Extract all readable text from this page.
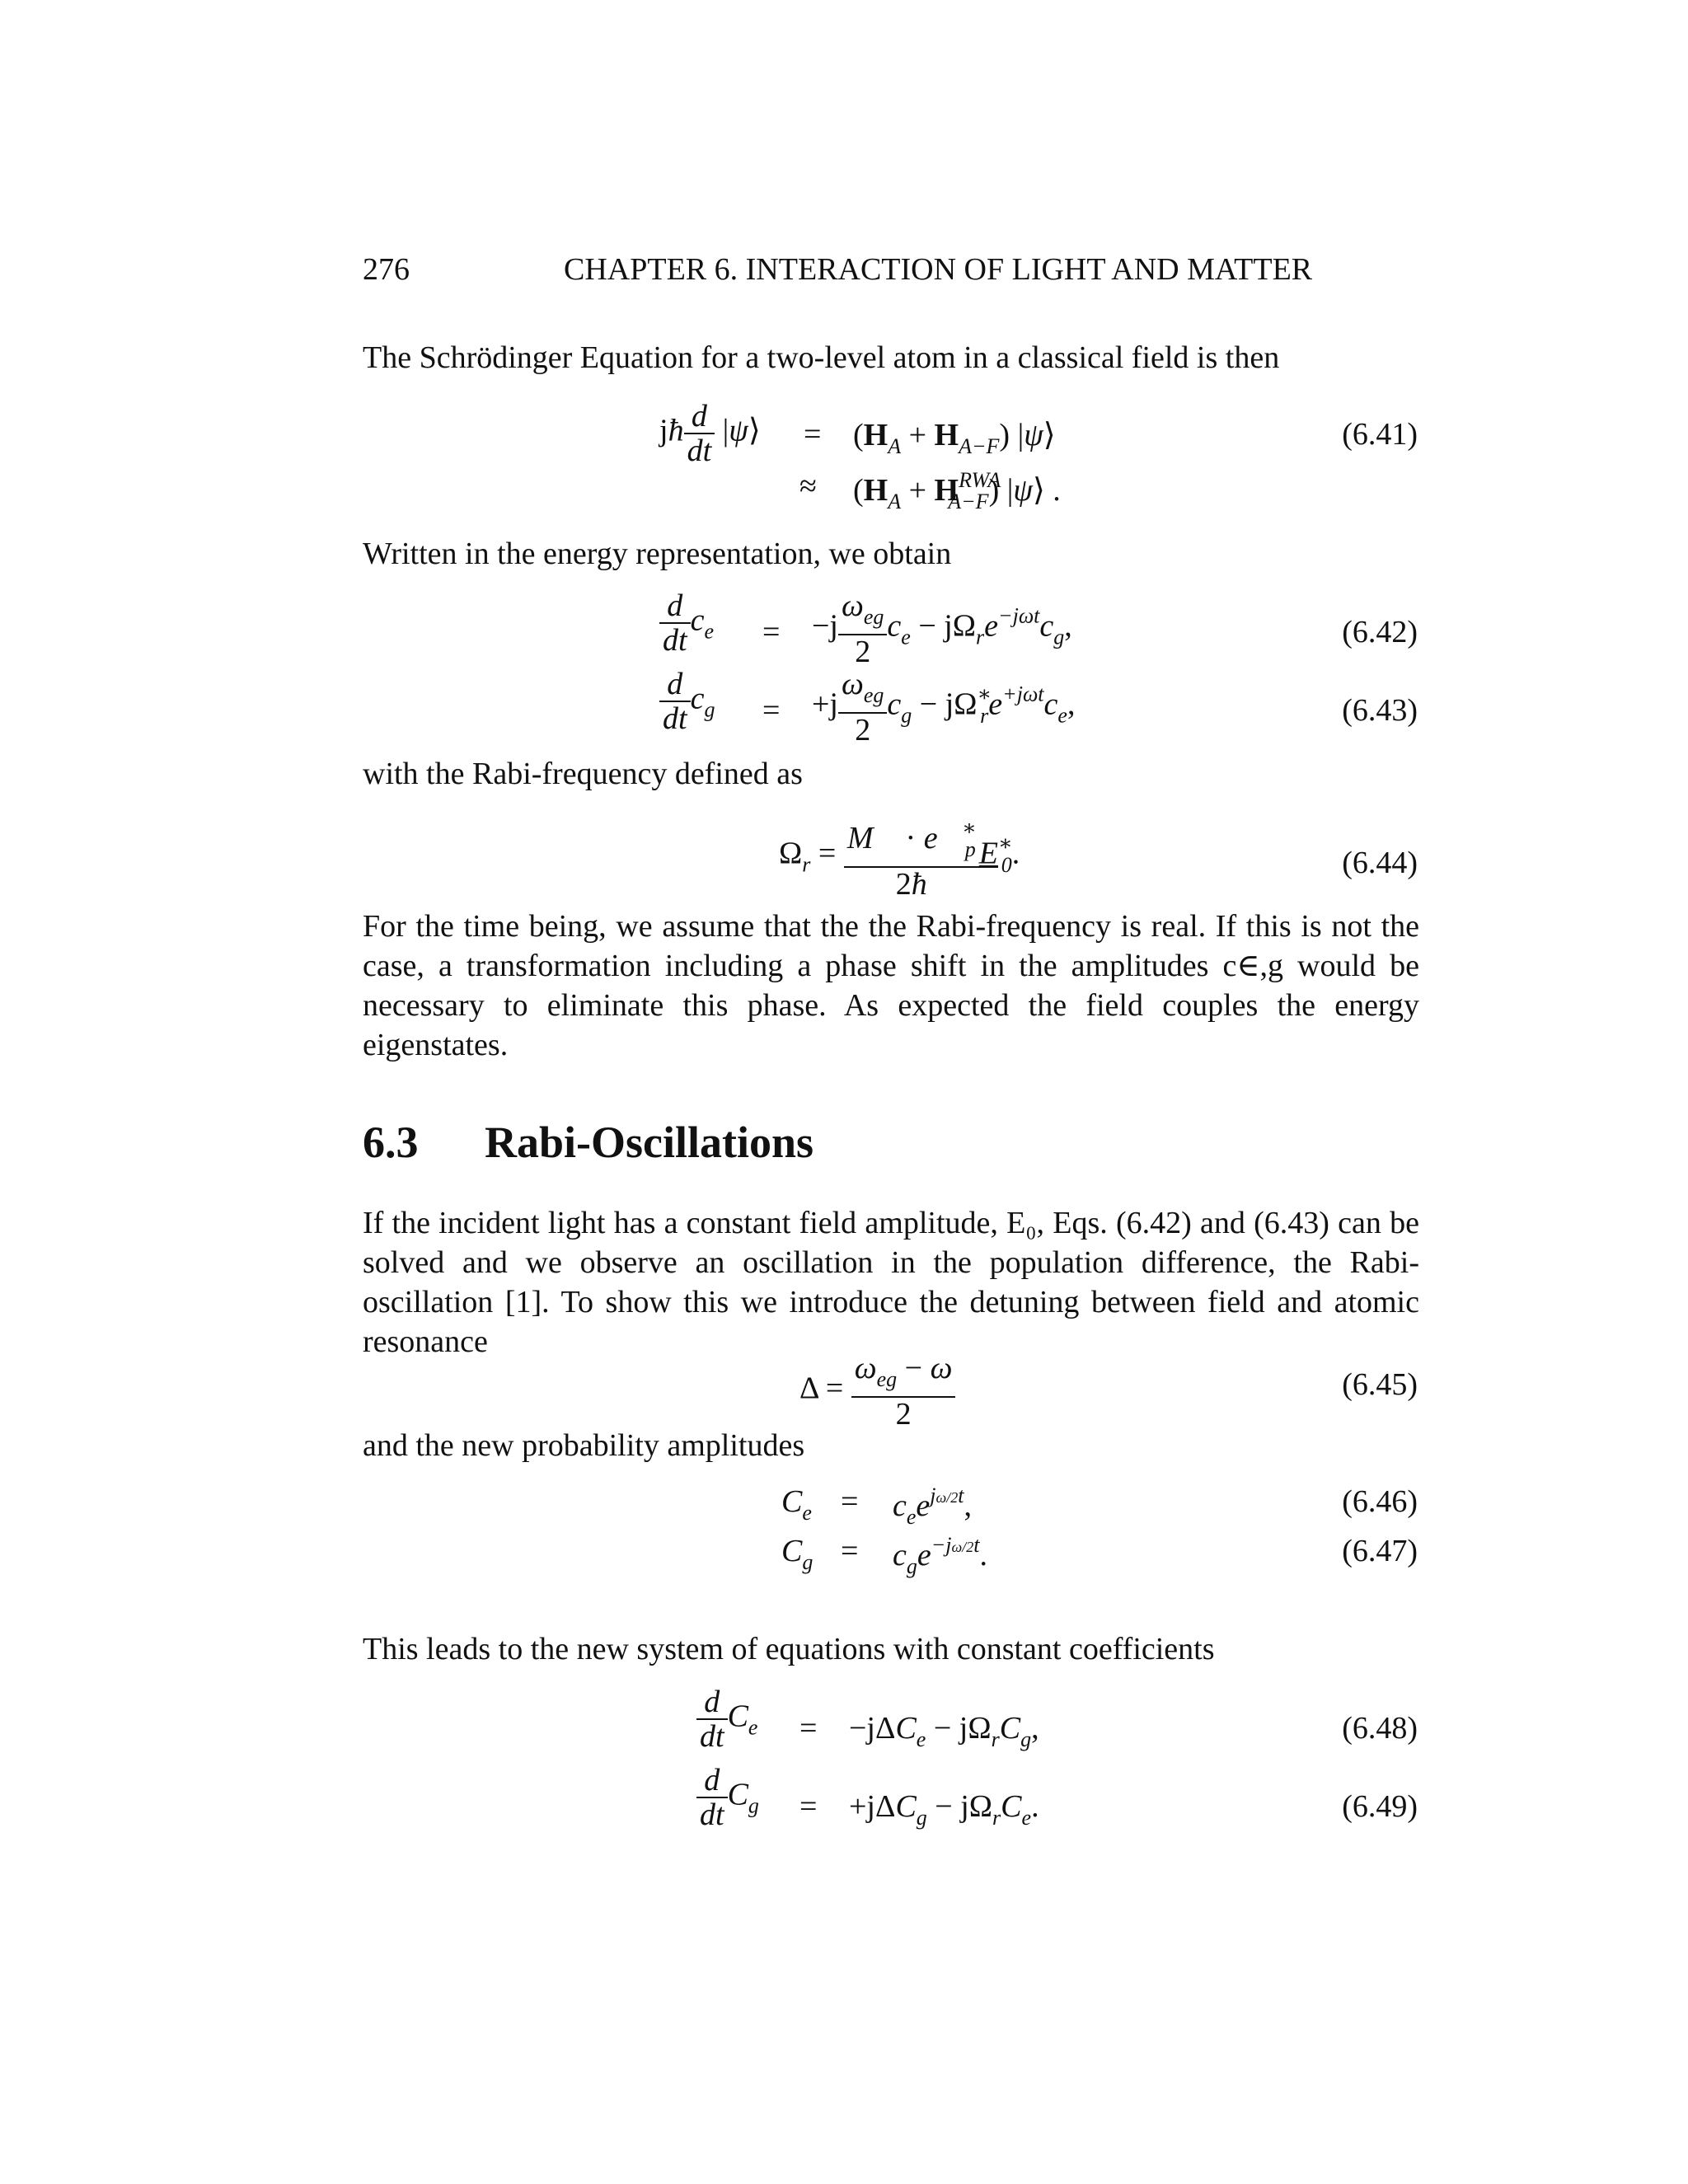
276	CHAPTER 6. INTERACTION OF LIGHT AND MATTER
The Schrödinger Equation for a two-level atom in a classical field is then
jħ $\frac{d}{dt}$ |ψ⟩ = $(H_A + H_{A-F})$ |ψ⟩	(6.41)
≈ $(H_A + H^{RWA}_{A-F})$ |ψ⟩ .
Written in the energy representation, we obtain
$\frac{d}{dt} c_e = -j \frac{\omega_{eg}}{2} c_e - j\Omega_re^{-j\omega t}c_g$,	(6.42)
$\frac{d}{dt} c_g = +j \frac{\omega_{eg}}{2} c_g - j\Omega^∗_re^{+j\omega t}c_e$,	(6.43)
with the Rabi-frequency defined as
$\Omega_r = \frac{M⃗ \cdot e⃗^∗_p}{2ħ} E^∗_0$.	(6.44)
For the time being, we assume that the the Rabi-frequency is real. If this is not the case, a transformation including a phase shift in the amplitudes c∈,g would be necessary to eliminate this phase. As expected the field couples the energy eigenstates.
6.3 Rabi-Oscillations
If the incident light has a constant field amplitude, E₀, Eqs. (6.42) and (6.43) can be solved and we observe an oscillation in the population difference, the Rabi-oscillation [1]. To show this we introduce the detuning between field and atomic resonance
$\Delta = \frac{\omega_{eg} - \omega}{2}$	(6.45)
and the new probability amplitudes
$C_e = c_ee^{j\omega/2t}$,	(6.46)
$C_g = c_ge^{-j\omega/2t}$.	(6.47)
This leads to the new system of equations with constant coefficients
$\frac{d}{dt} C_e = -j\Delta C_e - j\Omega_rC_g$,	(6.48)
$\frac{d}{dt} C_g = +j\Delta C_g - j\Omega_rC_e$.	(6.49)
